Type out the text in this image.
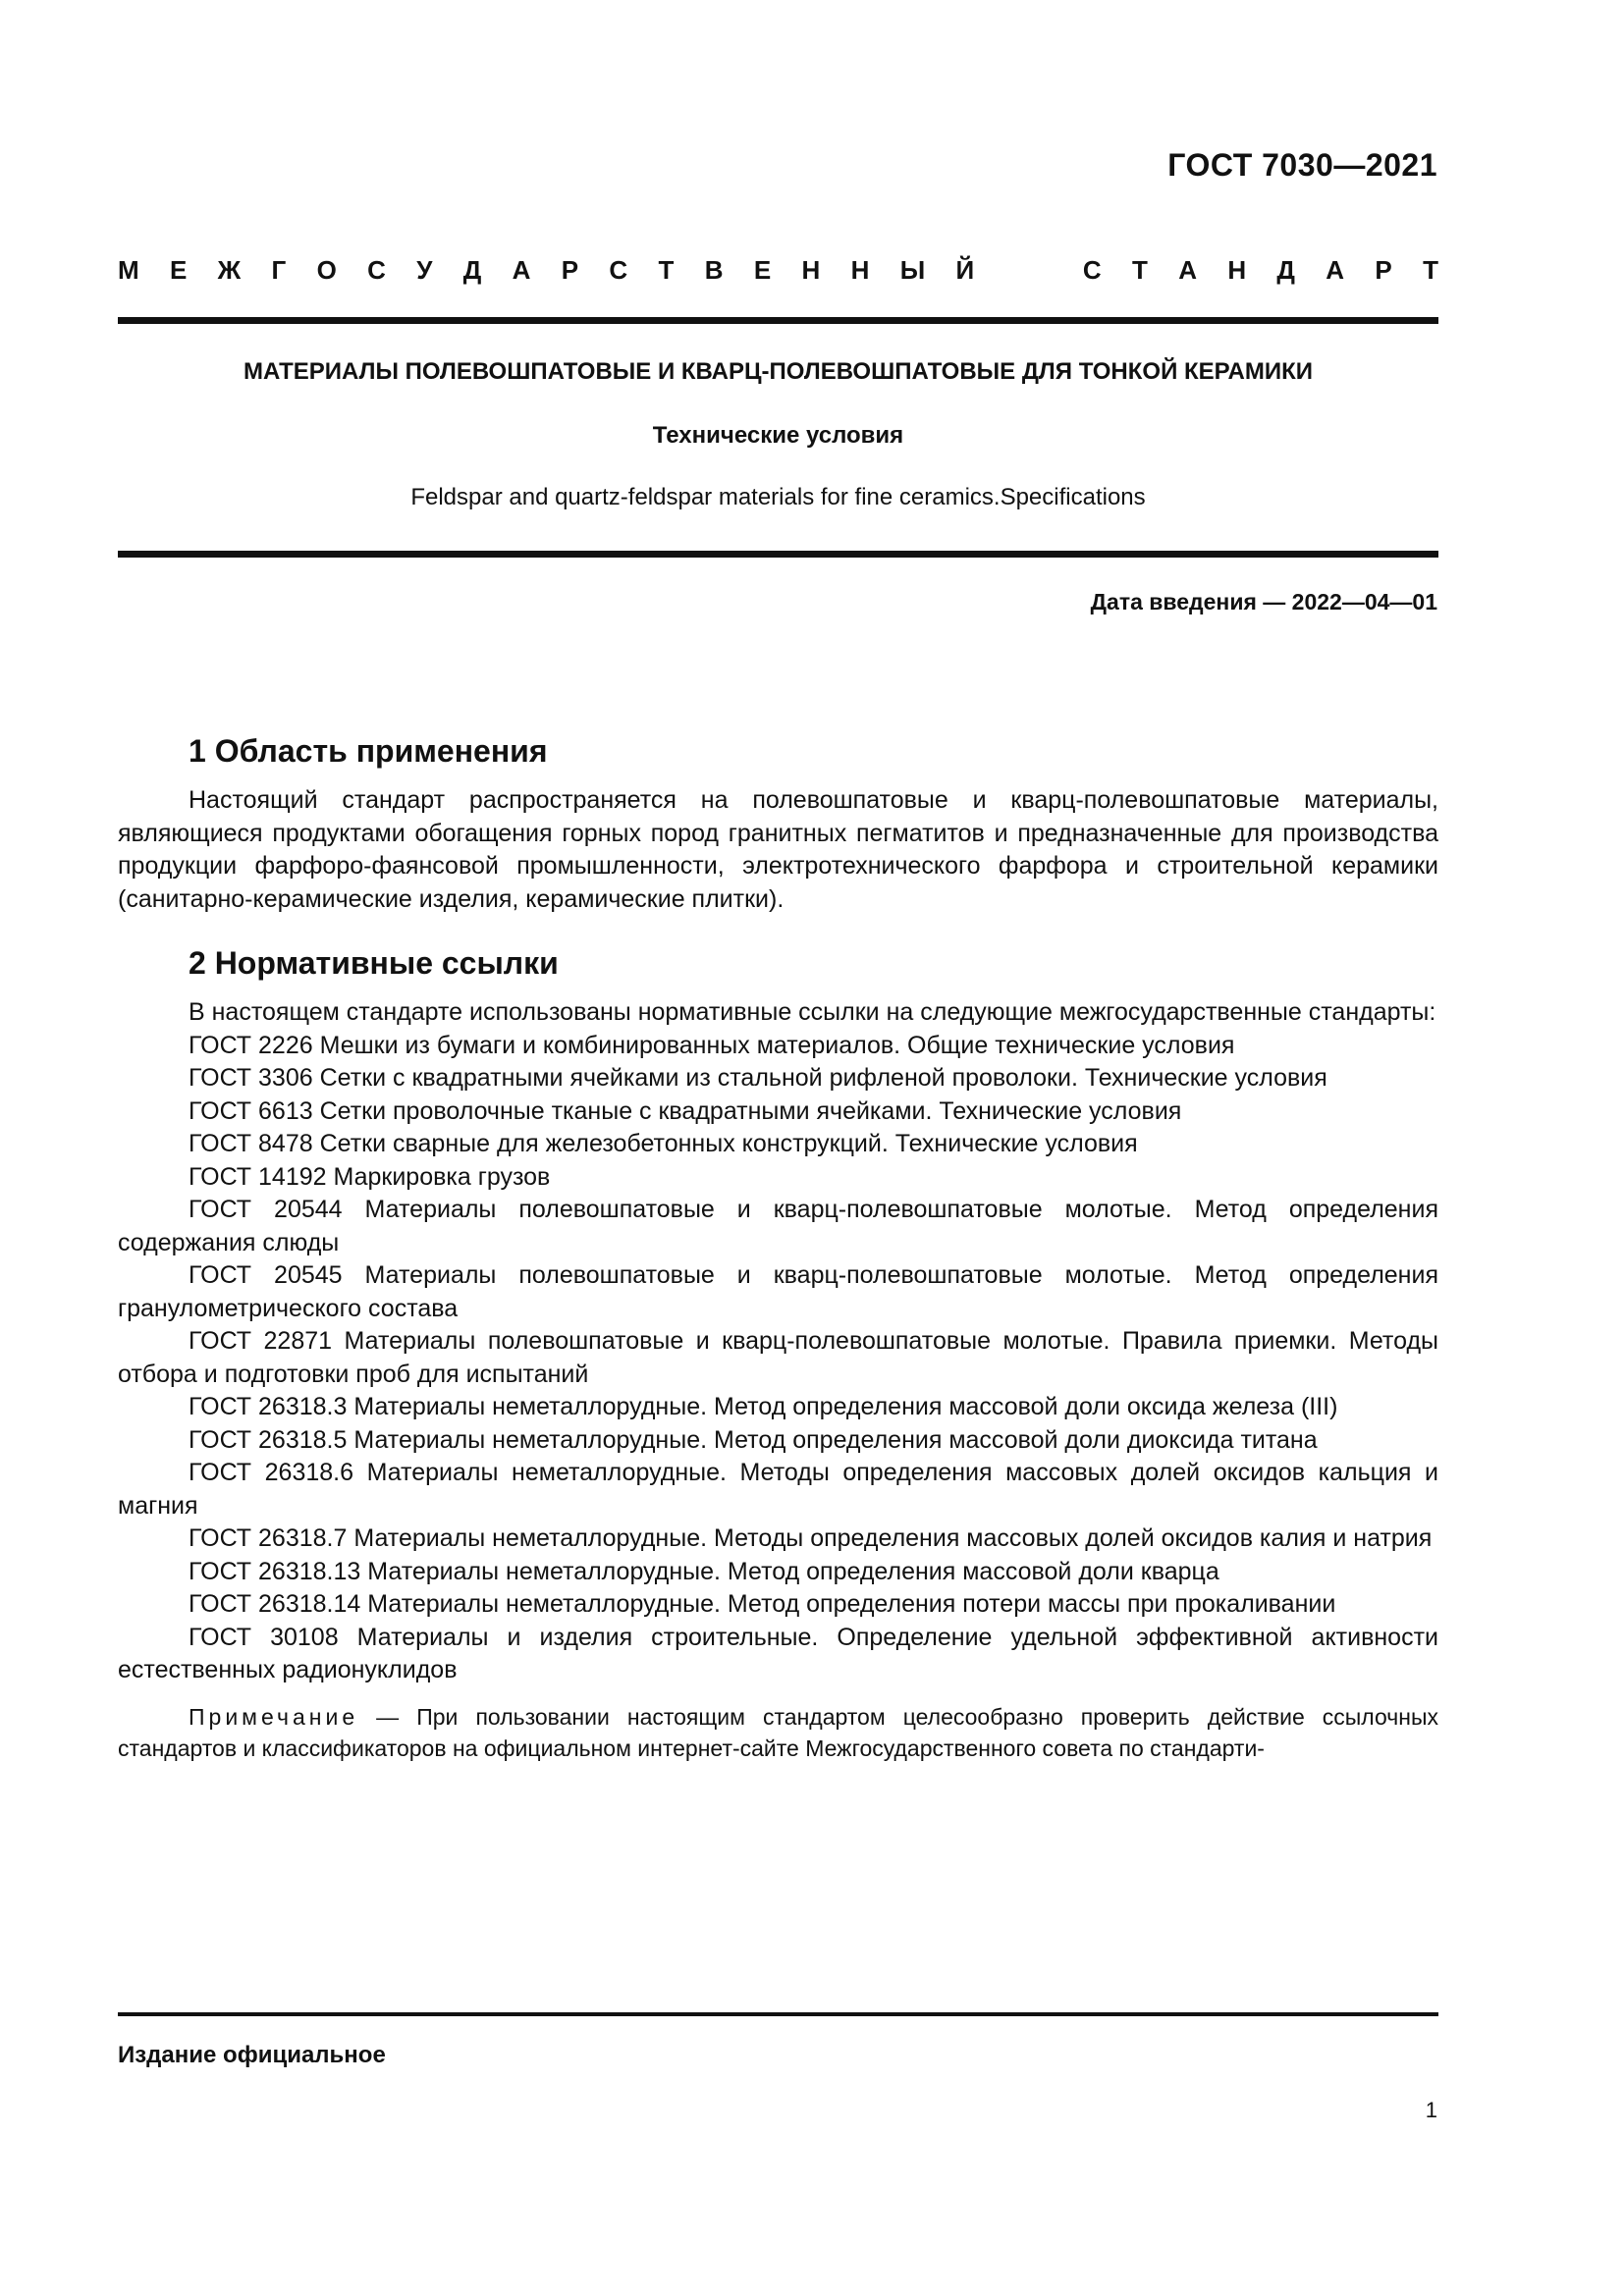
ГОСТ 7030—2021
М Е Ж Г О С У Д А Р С Т В Е Н Н Ы Й	С Т А Н Д А Р Т
МАТЕРИАЛЫ ПОЛЕВОШПАТОВЫЕ И КВАРЦ-ПОЛЕВОШПАТОВЫЕ ДЛЯ ТОНКОЙ КЕРАМИКИ
Технические условия
Feldspar and quartz-feldspar materials for fine ceramics.Specifications
Дата введения — 2022—04—01
1 Область применения

Настоящий стандарт распространяется на полевошпатовые и кварц-полевошпатовые материалы, являющиеся продуктами обогащения горных пород гранитных пегматитов и предназначенные для производства продукции фарфоро-фаянсовой промышленности, электротехнического фарфора и строительной керамики (санитарно-керамические изделия, керамические плитки).

2 Нормативные ссылки

В настоящем стандарте использованы нормативные ссылки на следующие межгосударственные стандарты:

ГОСТ 2226 Мешки из бумаги и комбинированных материалов. Общие технические условия
ГОСТ 3306 Сетки с квадратными ячейками из стальной рифленой проволоки. Технические условия
ГОСТ 6613 Сетки проволочные тканые с квадратными ячейками. Технические условия
ГОСТ 8478 Сетки сварные для железобетонных конструкций. Технические условия
ГОСТ 14192 Маркировка грузов
ГОСТ 20544 Материалы полевошпатовые и кварц-полевошпатовые молотые. Метод определения содержания слюды
ГОСТ 20545 Материалы полевошпатовые и кварц-полевошпатовые молотые. Метод определения гранулометрического состава
ГОСТ 22871 Материалы полевошпатовые и кварц-полевошпатовые молотые. Правила приемки. Методы отбора и подготовки проб для испытаний
ГОСТ 26318.3 Материалы неметаллорудные. Метод определения массовой доли оксида железа (III)
ГОСТ 26318.5 Материалы неметаллорудные. Метод определения массовой доли диоксида титана
ГОСТ 26318.6 Материалы неметаллорудные. Методы определения массовых долей оксидов кальция и магния
ГОСТ 26318.7 Материалы неметаллорудные. Методы определения массовых долей оксидов калия и натрия
ГОСТ 26318.13 Материалы неметаллорудные. Метод определения массовой доли кварца
ГОСТ 26318.14 Материалы неметаллорудные. Метод определения потери массы при прокаливании
ГОСТ 30108 Материалы и изделия строительные. Определение удельной эффективной активности естественных радионуклидов

Примечание — При пользовании настоящим стандартом целесообразно проверить действие ссылочных стандартов и классификаторов на официальном интернет-сайте Межгосударственного совета по стандарти-

Издание официальное
1
